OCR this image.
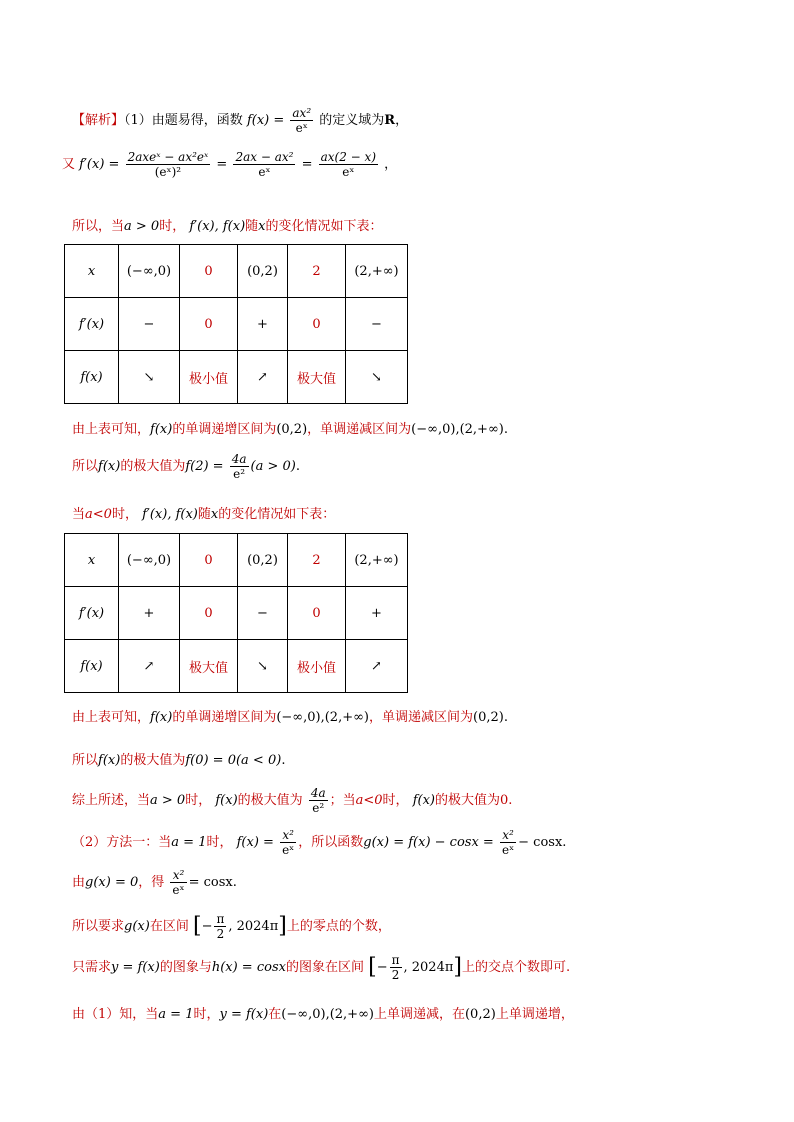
【解析】（1）由题易得，函数 $f(x) = \frac{\text{ax²}}{\text{eˣ}}$ 的定义域为R，
又 $f'(x) = \frac{\text{2axeˣ − ax²eˣ}}{\text{(eˣ)²}} = \frac{\text{2ax − ax²}}{\text{eˣ}} = \frac{ax(2 - x)}{\text{eˣ}}$ ，
所以，当a > 0时， f′(x), f(x)随x的变化情况如下表：
x	(−∞,0)	0	(0,2)	2	(2,+∞)
f′(x)	−	0	+	0	−
f(x)	↘	极小值	↗	极大值	↘
由上表可知，f(x)的单调递增区间为(0,2)，单调递减区间为(−∞,0),(2,+∞).
所以f(x)的极大值为$f(2) = \frac{4a}{\text{e²}} (a > 0)$.
当a<0时， f′(x), f(x)随x的变化情况如下表：
x	(−∞,0)	0	(0,2)	2	(2,+∞)
f′(x)	+	0	−	0	+
f(x)	↗	极大值	↘	极小值	↗
由上表可知，f(x)的单调递增区间为(−∞,0),(2,+∞)，单调递减区间为(0,2).
所以f(x)的极大值为f(0) = 0(a < 0).
综上所述，当a > 0时， f(x)的极大值为 $\frac{4a}{\text{e²}}$ ；当a<0时， f(x)的极大值为0.
（2）方法一：当a = 1时， $f(x) = \frac{\text{x²}}{\text{eˣ}}$ ，所以函数$g(x) = f(x) - \cos x = \frac{\text{x²}}{\text{eˣ}} - \cos x$.
由g(x) = 0，得 $\frac{\text{x²}}{\text{eˣ}} = \cos x$.
所以要求g(x)在区间 [− $\frac{\pi}{2}$ , 2024π]上的零点的个数，
只需求y = f(x)的图象与h(x) = cosx的图象在区间 [− $\frac{\pi}{2}$ , 2024π]上的交点个数即可.
由（1）知，当a = 1时，y = f(x)在(−∞,0),(2,+∞)上单调递减，在(0,2)上单调递增，
